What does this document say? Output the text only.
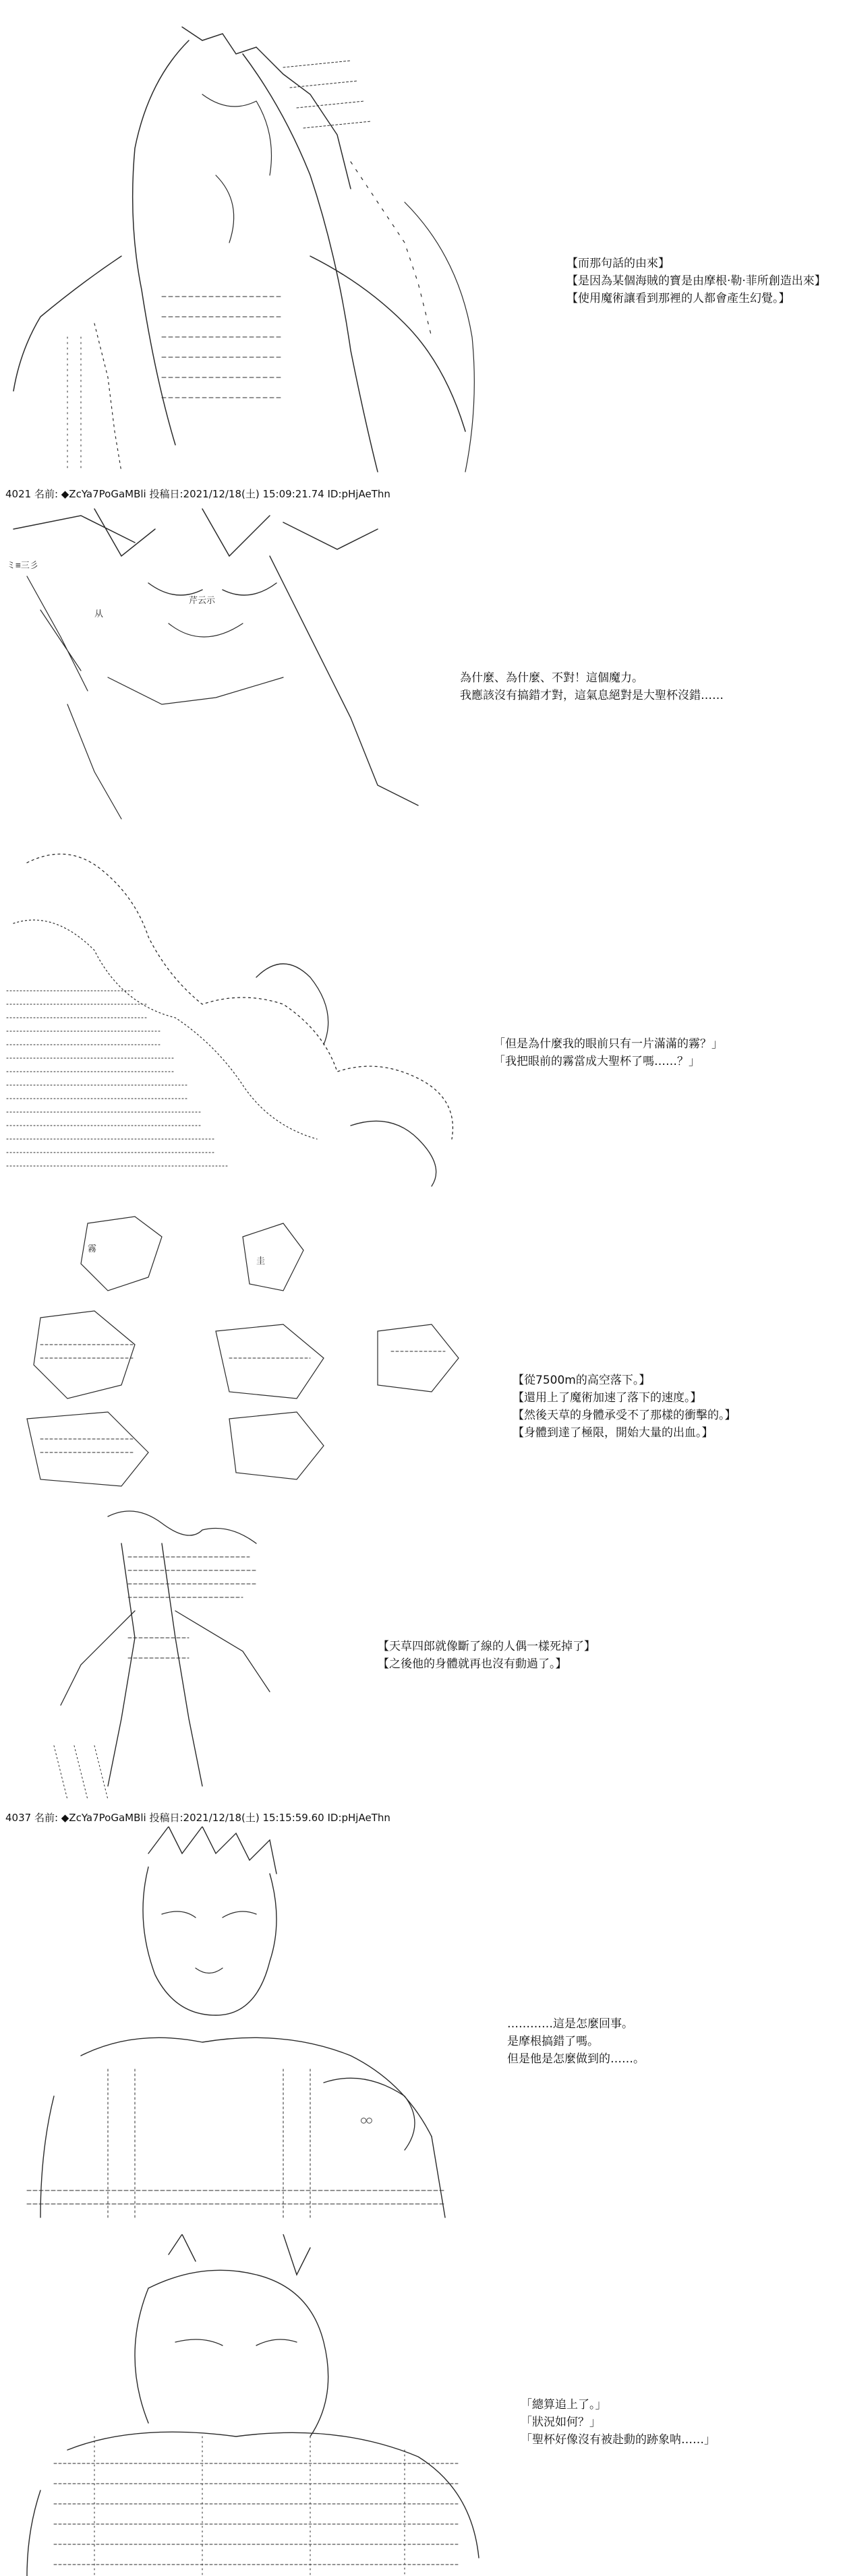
【而那句話的由來】
【是因為某個海賊的寶是由摩根·勒·菲所創造出來】
【使用魔術讓看到那裡的人都會產生幻覺。】
4021 名前: ◆ZcYa7PoGaMBli 投稿日:2021/12/18(土) 15:09:21.74 ID:pHjAeThn
ミ≡三彡
芹云示
从
為什麼、為什麼、不對！這個魔力。
我應該沒有搞錯才對，這氣息絕對是大聖杯沒錯……
「但是為什麼我的眼前只有一片滿滿的霧？」
「我把眼前的霧當成大聖杯了嗎……？」
霧
圭
【從7500m的高空落下。】
【還用上了魔術加速了落下的速度。】
【然後天草的身體承受不了那樣的衝擊的。】
【身體到達了極限，開始大量的出血。】
【天草四郎就像斷了線的人偶一樣死掉了】
【之後他的身體就再也沒有動過了。】
4037 名前: ◆ZcYa7PoGaMBli 投稿日:2021/12/18(土) 15:15:59.60 ID:pHjAeThn
○○
…………這是怎麼回事。
是摩根搞錯了嗎。
但是他是怎麼做到的……。
「總算追上了。」
「狀況如何？」
「聖杯好像沒有被赴動的跡象呐……」
